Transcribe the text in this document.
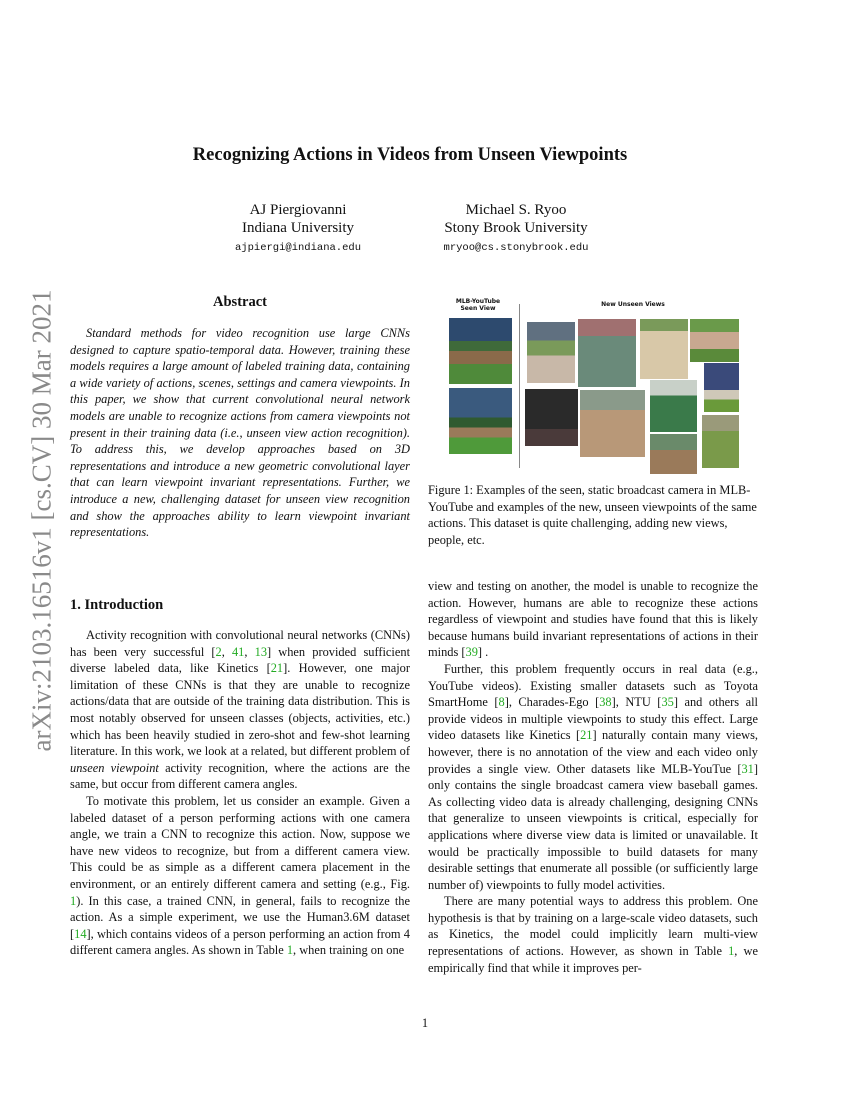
arXiv:2103.16516v1 [cs.CV] 30 Mar 2021
Recognizing Actions in Videos from Unseen Viewpoints
AJ Piergiovanni
Indiana University
ajpiergi@indiana.edu
Michael S. Ryoo
Stony Brook University
mryoo@cs.stonybrook.edu
Abstract

Standard methods for video recognition use large CNNs designed to capture spatio-temporal data. However, training these models requires a large amount of labeled training data, containing a wide variety of actions, scenes, settings and camera viewpoints. In this paper, we show that current convolutional neural network models are unable to recognize actions from camera viewpoints not present in their training data (i.e., unseen view action recognition). To address this, we develop approaches based on 3D representations and introduce a new geometric convolutional layer that can learn viewpoint invariant representations. Further, we introduce a new, challenging dataset for unseen view recognition and show the approaches ability to learn viewpoint invariant representations.

1. Introduction

Activity recognition with convolutional neural networks (CNNs) has been very successful [2, 41, 13] when provided sufficient diverse labeled data, like Kinetics [21]. However, one major limitation of these CNNs is that they are unable to recognize actions/data that are outside of the training data distribution. This is most notably observed for unseen classes (objects, activities, etc.) which has been heavily studied in zero-shot and few-shot learning literature. In this work, we look at a related, but different problem of unseen viewpoint activity recognition, where the actions are the same, but occur from different camera angles.

To motivate this problem, let us consider an example. Given a labeled dataset of a person performing actions with one camera angle, we train a CNN to recognize this action. Now, suppose we have new videos to recognize, but from a different camera view. This could be as simple as a different camera placement in the environment, or an entirely different camera and setting (e.g., Fig. 1). In this case, a trained CNN, in general, fails to recognize the action. As a simple experiment, we use the Human3.6M dataset [14], which contains videos of a person performing an action from 4 different camera angles. As shown in Table 1, when training on one

MLB-YouTube Seen View
New Unseen Views
Figure 1: Examples of the seen, static broadcast camera in MLB-YouTube and examples of the new, unseen viewpoints of the same actions. This dataset is quite challenging, adding new views, people, etc.

view and testing on another, the model is unable to recognize the action. However, humans are able to recognize these actions regardless of viewpoint and studies have found that this is likely because humans build invariant representations of actions in their minds [39] .

Further, this problem frequently occurs in real data (e.g., YouTube videos). Existing smaller datasets such as Toyota SmartHome [8], Charades-Ego [38], NTU [35] and others all provide videos in multiple viewpoints to study this effect. Large video datasets like Kinetics [21] naturally contain many views, however, there is no annotation of the view and each video only provides a single view. Other datasets like MLB-YouTue [31] only contains the single broadcast camera view baseball games. As collecting video data is already challenging, designing CNNs that generalize to unseen viewpoints is critical, especially for applications where diverse view data is limited or unavailable. It would be practically impossible to build datasets for many desirable settings that enumerate all possible (or sufficiently large number of) viewpoints to fully model activities.

There are many potential ways to address this problem. One hypothesis is that by training on a large-scale video datasets, such as Kinetics, the model could implicitly learn multi-view representations of actions. However, as shown in Table 1, we empirically find that while it improves per-

1
